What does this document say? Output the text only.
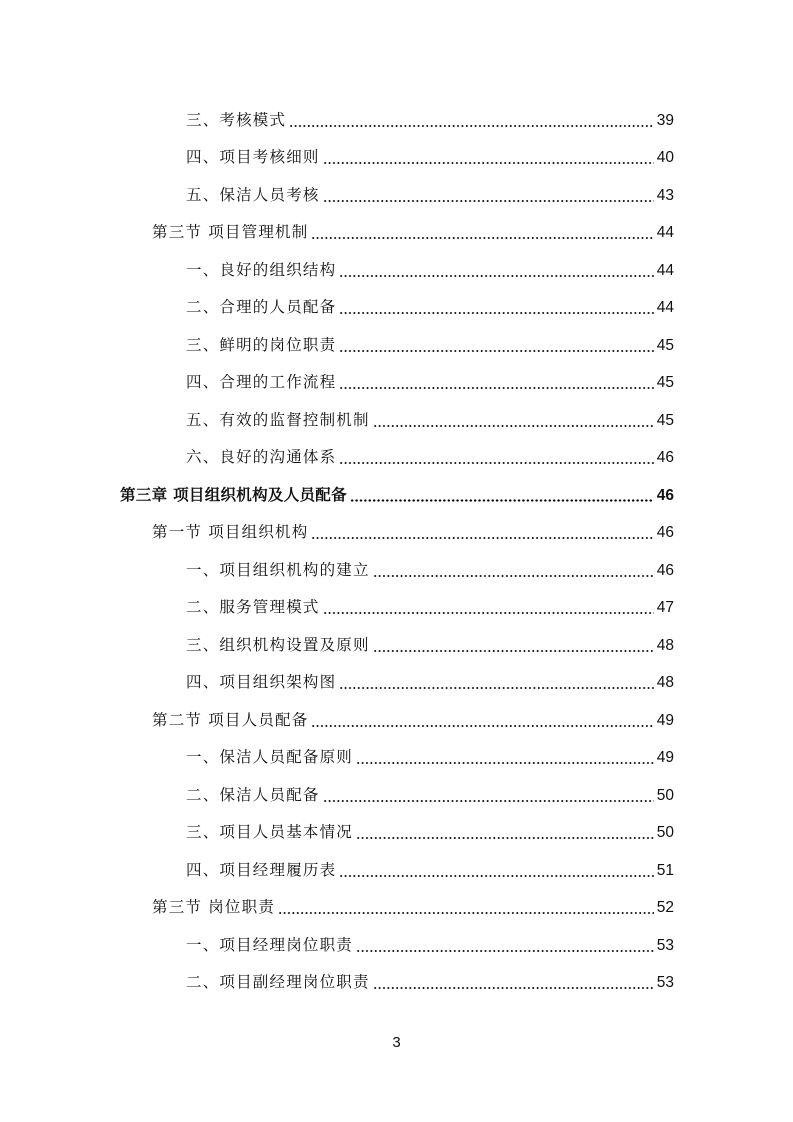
三、考核模式	39
四、项目考核细则	40
五、保洁人员考核	43
第三节 项目管理机制	44
一、良好的组织结构	44
二、合理的人员配备	44
三、鲜明的岗位职责	45
四、合理的工作流程	45
五、有效的监督控制机制	45
六、良好的沟通体系	46
第三章 项目组织机构及人员配备	46
第一节 项目组织机构	46
一、项目组织机构的建立	46
二、服务管理模式	47
三、组织机构设置及原则	48
四、项目组织架构图	48
第二节 项目人员配备	49
一、保洁人员配备原则	49
二、保洁人员配备	50
三、项目人员基本情况	50
四、项目经理履历表	51
第三节 岗位职责	52
一、项目经理岗位职责	53
二、项目副经理岗位职责	53
3
